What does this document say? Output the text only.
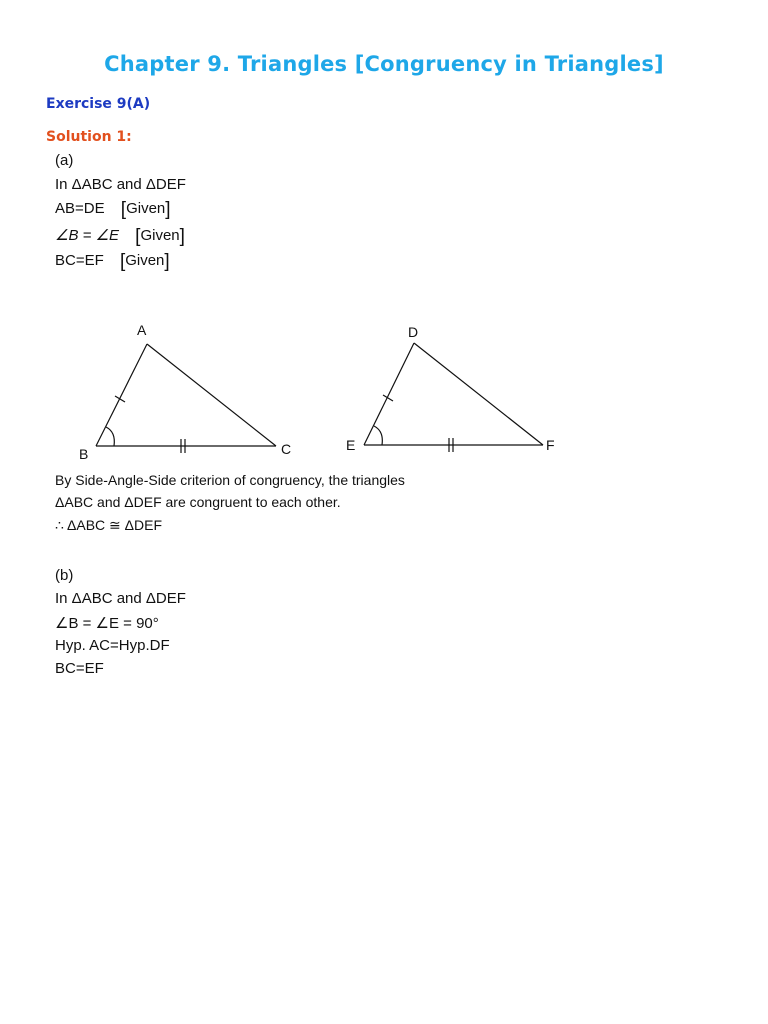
Chapter 9. Triangles [Congruency in Triangles]
Exercise 9(A)
Solution 1:
(a)
In ΔABC and ΔDEF
AB=DE [Given]
∠B = ∠E [Given]
BC=EF [Given]
A
B	C
D
E	F
By Side-Angle-Side criterion of congruency, the triangles
ΔABC and ΔDEF are congruent to each other.
∴ ΔABC ≅ ΔDEF
(b)
In ΔABC and ΔDEF
∠B = ∠E = 90°
Hyp. AC=Hyp.DF
BC=EF
